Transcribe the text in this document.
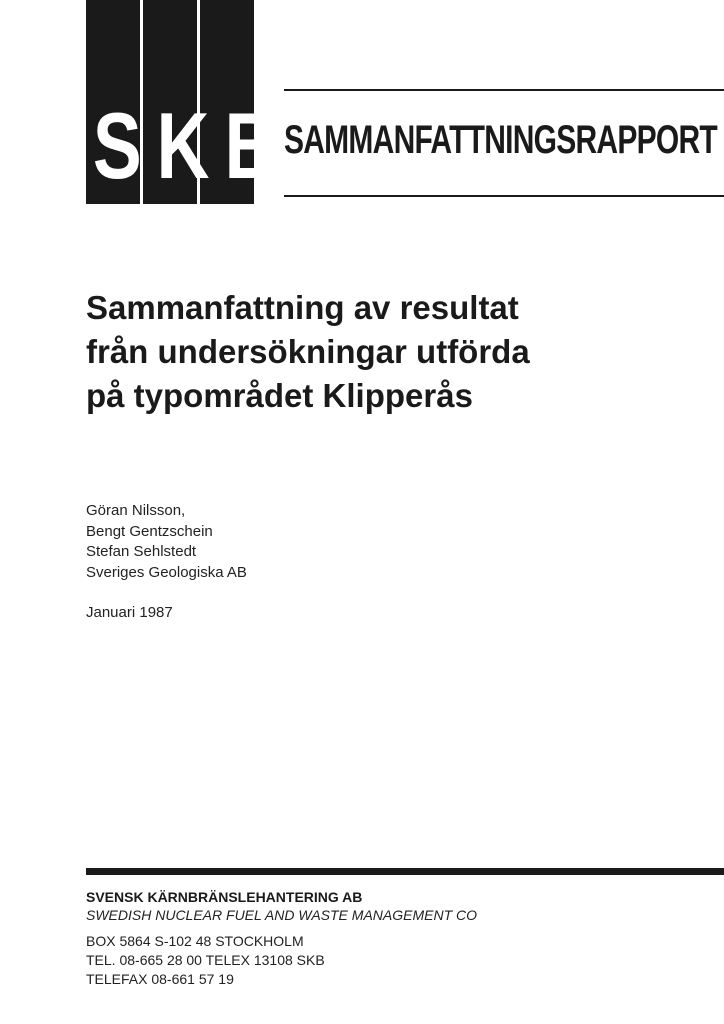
S K B SAMMANFATTNINGSRAPPORT
Sammanfattning av resultat
från undersökningar utförda
på typområdet Klipperås
Göran Nilsson,
Bengt Gentzschein
Stefan Sehlstedt
Sveriges Geologiska AB
Januari 1987
SVENSK KÄRNBRÄNSLEHANTERING AB
SWEDISH NUCLEAR FUEL AND WASTE MANAGEMENT CO
BOX 5864 S-102 48 STOCKHOLM
TEL. 08-665 28 00 TELEX 13108 SKB
TELEFAX 08-661 57 19
